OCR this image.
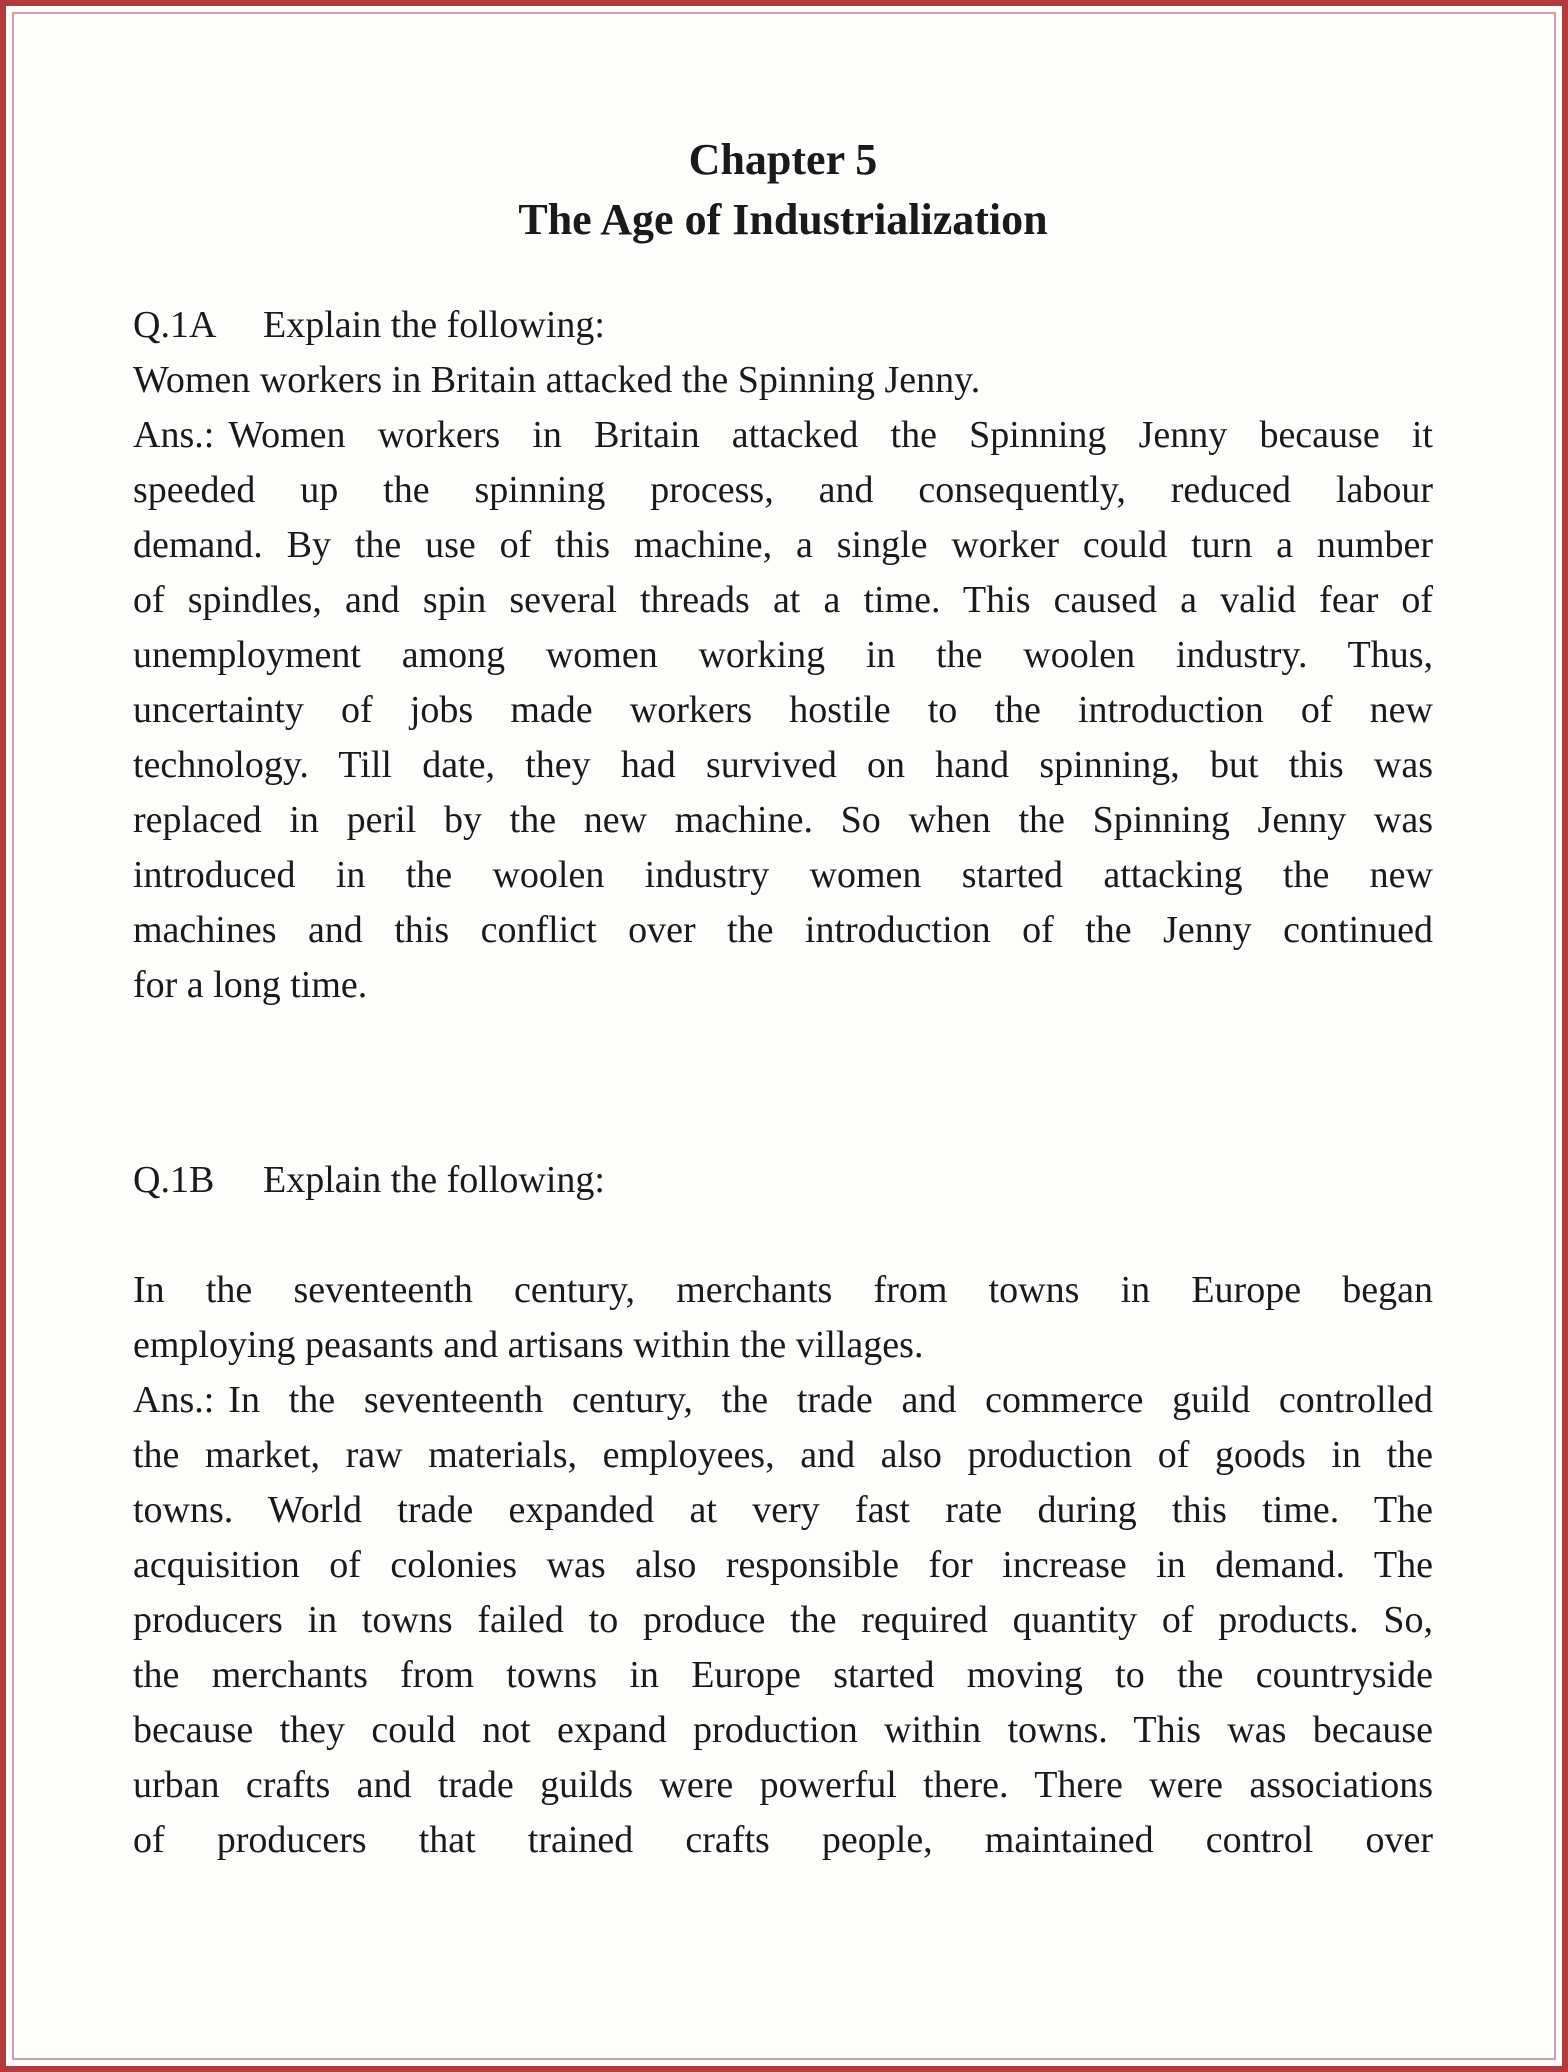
Chapter 5
The Age of Industrialization

Q.1A Explain the following:

Women workers in Britain attacked the Spinning Jenny.

Ans.: Women workers in Britain attacked the Spinning Jenny because it
speeded up the spinning process, and consequently, reduced labour
demand. By the use of this machine, a single worker could turn a number
of spindles, and spin several threads at a time. This caused a valid fear of
unemployment among women working in the woolen industry. Thus,
uncertainty of jobs made workers hostile to the introduction of new
technology. Till date, they had survived on hand spinning, but this was
replaced in peril by the new machine. So when the Spinning Jenny was
introduced in the woolen industry women started attacking the new
machines and this conflict over the introduction of the Jenny continued
for a long time.

Q.1B Explain the following:

In the seventeenth century, merchants from towns in Europe began
employing peasants and artisans within the villages.
Ans.: In the seventeenth century, the trade and commerce guild controlled
the market, raw materials, employees, and also production of goods in the
towns. World trade expanded at very fast rate during this time. The
acquisition of colonies was also responsible for increase in demand. The
producers in towns failed to produce the required quantity of products. So,
the merchants from towns in Europe started moving to the countryside
because they could not expand production within towns. This was because
urban crafts and trade guilds were powerful there. There were associations
of producers that trained crafts people, maintained control over
